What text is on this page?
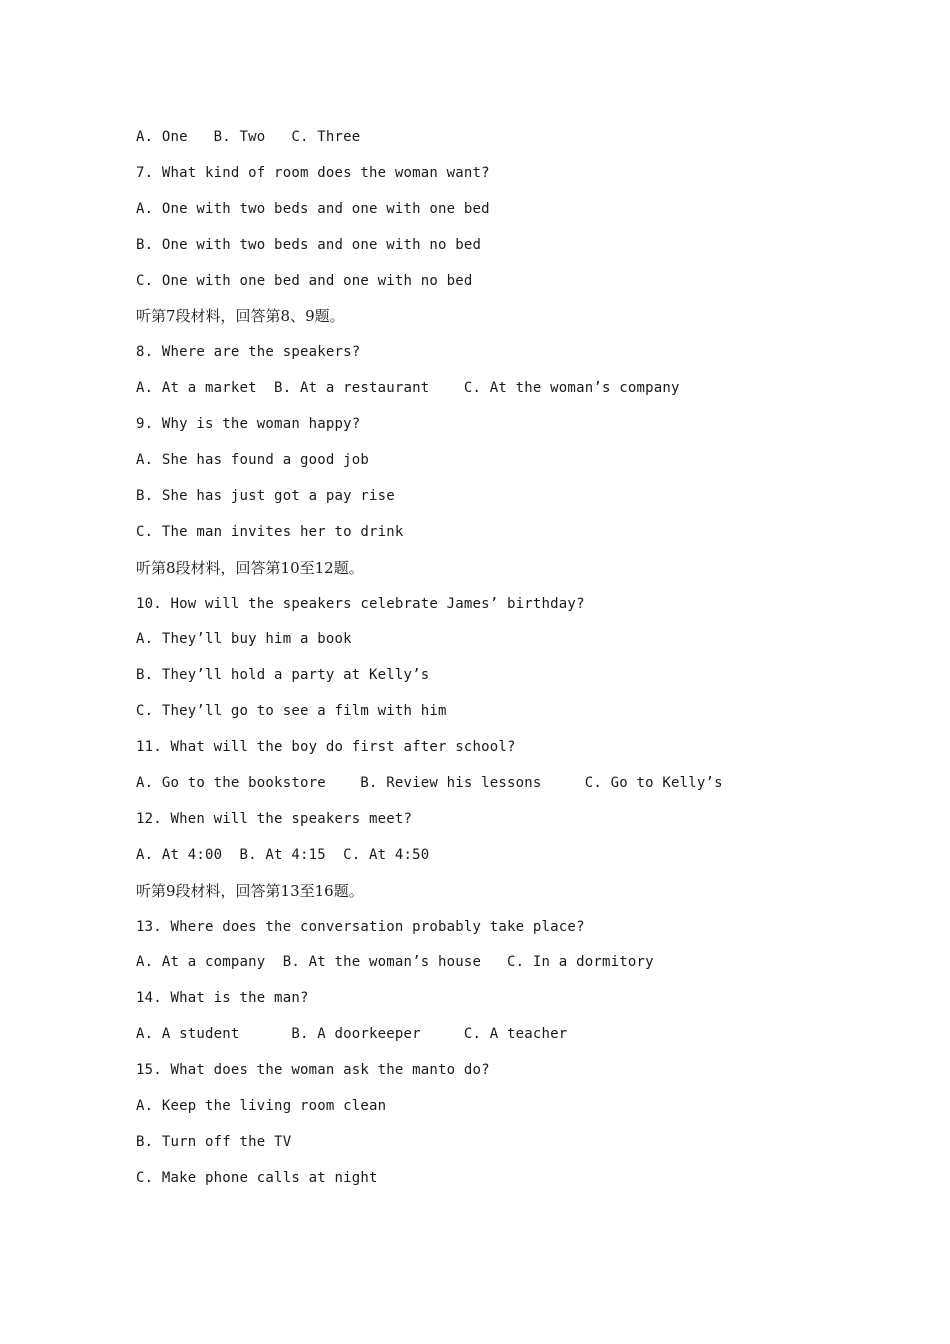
A. One   B. Two   C. Three
7. What kind of room does the woman want?
A. One with two beds and one with one bed
B. One with two beds and one with no bed
C. One with one bed and one with no bed
听第7段材料，回答第8、9题。
8. Where are the speakers?
A. At a market  B. At a restaurant    C. At the woman’s company
9. Why is the woman happy?
A. She has found a good job
B. She has just got a pay rise
C. The man invites her to drink
听第8段材料，回答第10至12题。
10. How will the speakers celebrate James’ birthday?
A. They’ll buy him a book
B. They’ll hold a party at Kelly’s
C. They’ll go to see a film with him
11. What will the boy do first after school?
A. Go to the bookstore    B. Review his lessons     C. Go to Kelly’s
12. When will the speakers meet?
A. At 4:00  B. At 4:15  C. At 4:50
听第9段材料，回答第13至16题。
13. Where does the conversation probably take place?
A. At a company  B. At the woman’s house   C. In a dormitory
14. What is the man?
A. A student      B. A doorkeeper     C. A teacher
15. What does the woman ask the manto do?
A. Keep the living room clean
B. Turn off the TV
C. Make phone calls at night
